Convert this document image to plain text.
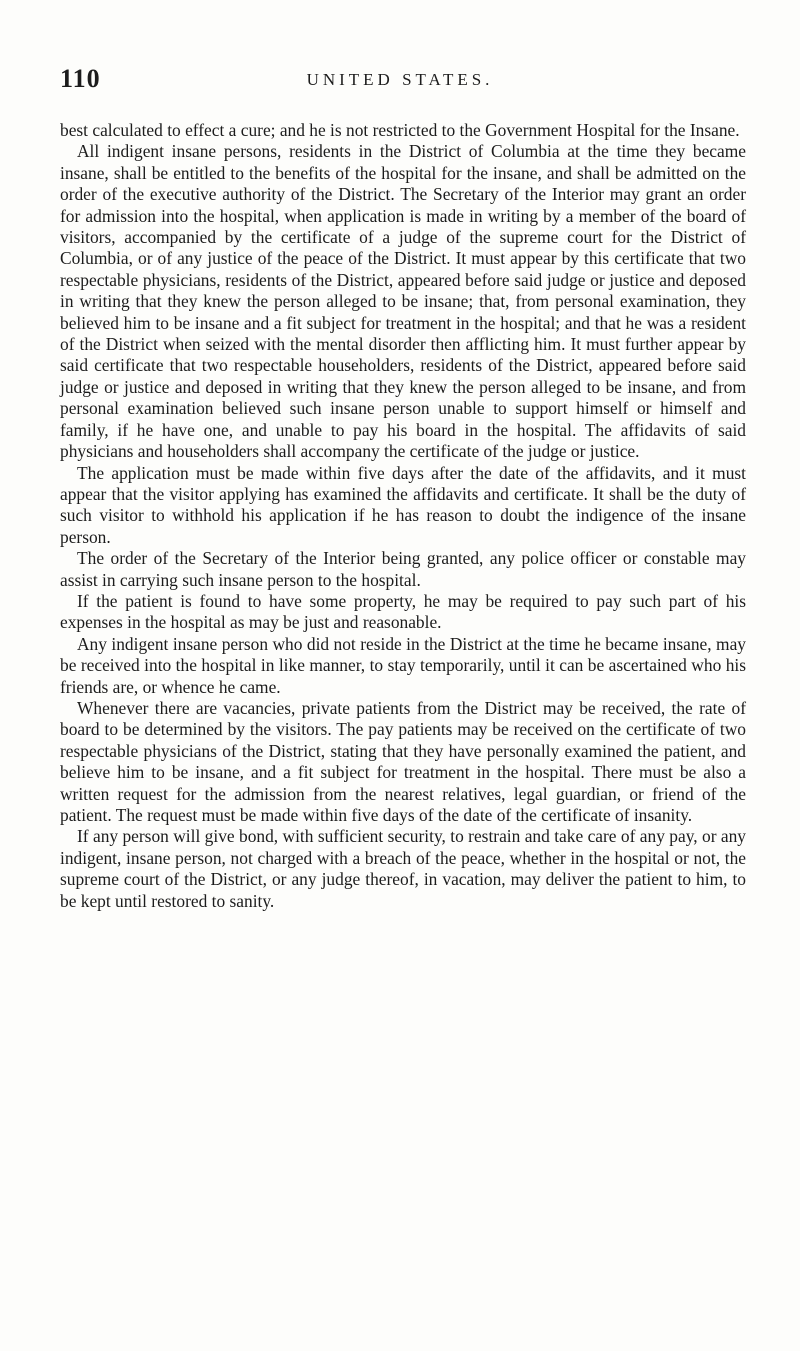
110	UNITED STATES.

best calculated to effect a cure; and he is not restricted to the Government Hospital for the Insane.

All indigent insane persons, residents in the District of Columbia at the time they became insane, shall be entitled to the benefits of the hospital for the insane, and shall be admitted on the order of the executive authority of the District. The Secretary of the Interior may grant an order for admission into the hospital, when application is made in writing by a member of the board of visitors, accompanied by the certificate of a judge of the supreme court for the District of Columbia, or of any justice of the peace of the District. It must appear by this certificate that two respectable physicians, residents of the District, appeared before said judge or justice and deposed in writing that they knew the person alleged to be insane; that, from personal examination, they believed him to be insane and a fit subject for treatment in the hospital; and that he was a resident of the District when seized with the mental disorder then afflicting him. It must further appear by said certificate that two respectable householders, residents of the District, appeared before said judge or justice and deposed in writing that they knew the person alleged to be insane, and from personal examination believed such insane person unable to support himself or himself and family, if he have one, and unable to pay his board in the hospital. The affidavits of said physicians and householders shall accompany the certificate of the judge or justice.

The application must be made within five days after the date of the affidavits, and it must appear that the visitor applying has examined the affidavits and certificate. It shall be the duty of such visitor to withhold his application if he has reason to doubt the indigence of the insane person.

The order of the Secretary of the Interior being granted, any police officer or constable may assist in carrying such insane person to the hospital.

If the patient is found to have some property, he may be required to pay such part of his expenses in the hospital as may be just and reasonable.

Any indigent insane person who did not reside in the District at the time he became insane, may be received into the hospital in like manner, to stay temporarily, until it can be ascertained who his friends are, or whence he came.

Whenever there are vacancies, private patients from the District may be received, the rate of board to be determined by the visitors. The pay patients may be received on the certificate of two respectable physicians of the District, stating that they have personally examined the patient, and believe him to be insane, and a fit subject for treatment in the hospital. There must be also a written request for the admission from the nearest relatives, legal guardian, or friend of the patient. The request must be made within five days of the date of the certificate of insanity.

If any person will give bond, with sufficient security, to restrain and take care of any pay, or any indigent, insane person, not charged with a breach of the peace, whether in the hospital or not, the supreme court of the District, or any judge thereof, in vacation, may deliver the patient to him, to be kept until restored to sanity.
